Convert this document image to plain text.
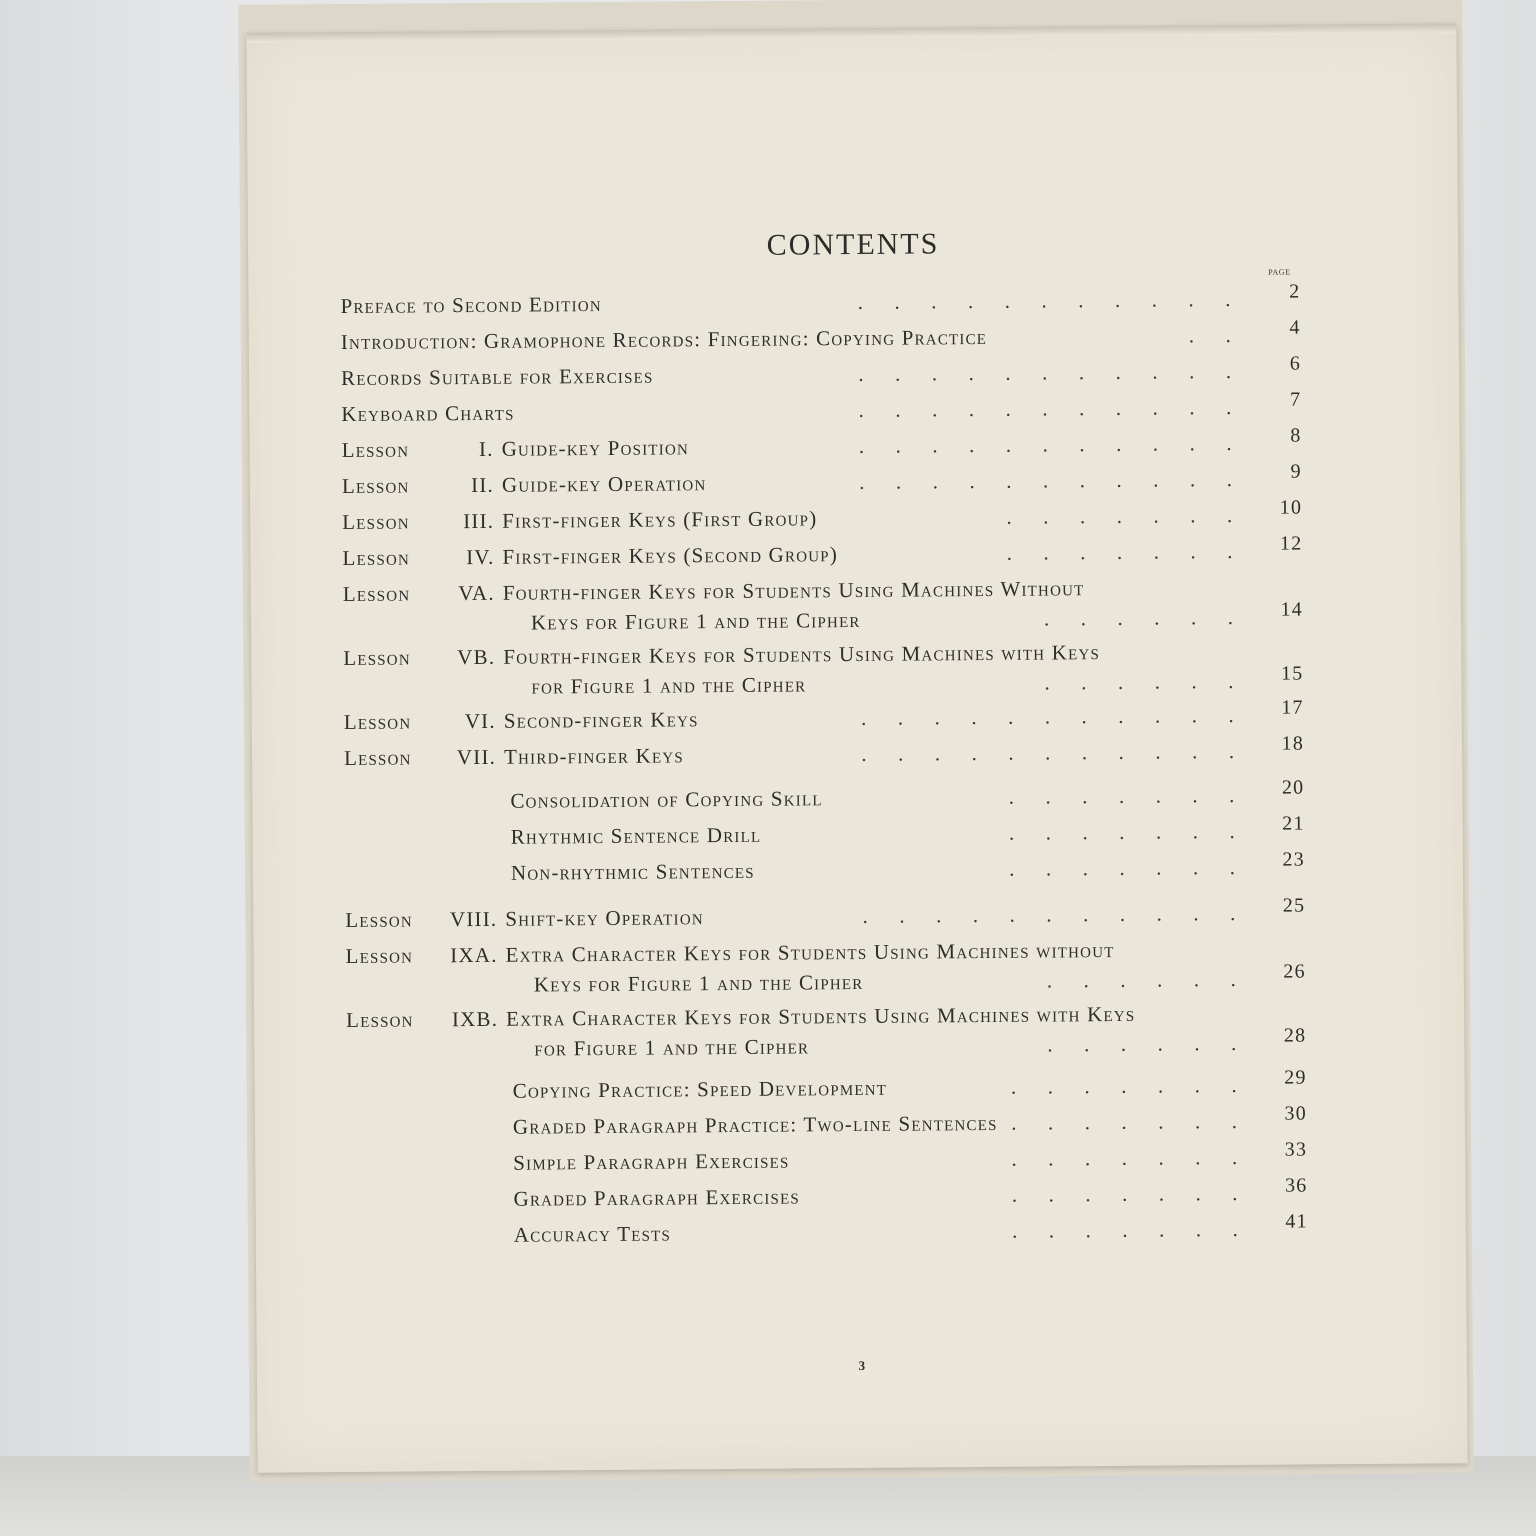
CONTENTS
PAGE
Preface to Second Edition	.      .      .      .      .      .      .      .      .      .      .	2
Introduction: Gramophone Records: Fingering: Copying Practice	.      .	4
Records Suitable for Exercises	.      .      .      .      .      .      .      .      .      .      .	6
Keyboard Charts	.      .      .      .      .      .      .      .      .      .      .	7
Lesson	I. Guide-key Position	.      .      .      .      .      .      .      .      .      .      .	8
Lesson	II. Guide-key Operation	.      .      .      .      .      .      .      .      .      .      .	9
Lesson	III. First-finger Keys (First Group)	.      .      .      .      .      .      .	10
Lesson	IV. First-finger Keys (Second Group)	.      .      .      .      .      .      .	12
Lesson VA. Fourth-finger Keys for Students Using Machines Without
Keys for Figure 1 and the Cipher	.      .      .      .      .      .	14
Lesson VB. Fourth-finger Keys for Students Using Machines with Keys
for Figure 1 and the Cipher	.      .      .      .      .      .	15
Lesson	VI. Second-finger Keys	.      .      .      .      .      .      .      .      .      .      .	17
Lesson VII. Third-finger Keys	.      .      .      .      .      .      .      .      .      .      .	18
Consolidation of Copying Skill	.      .      .      .      .      .      .	20
Rhythmic Sentence Drill	.      .      .      .      .      .      .	21
Non-rhythmic Sentences	.      .      .      .      .      .      .	23
Lesson VIII. Shift-key Operation	.      .      .      .      .      .      .      .      .      .      .	25
Lesson IXA. Extra Character Keys for Students Using Machines without
Keys for Figure 1 and the Cipher	.      .      .      .      .      .	26
Lesson IXB. Extra Character Keys for Students Using Machines with Keys
for Figure 1 and the Cipher	.      .      .      .      .      .	28
Copying Practice: Speed Development	.      .      .      .      .      .      .	29
Graded Paragraph Practice: Two-line Sentences .      .      .      .      .      .      .	30
Simple Paragraph Exercises	.      .      .      .      .      .      .	33
Graded Paragraph Exercises	.      .      .      .      .      .      .	36
Accuracy Tests	.      .      .      .      .      .      .	41
3
